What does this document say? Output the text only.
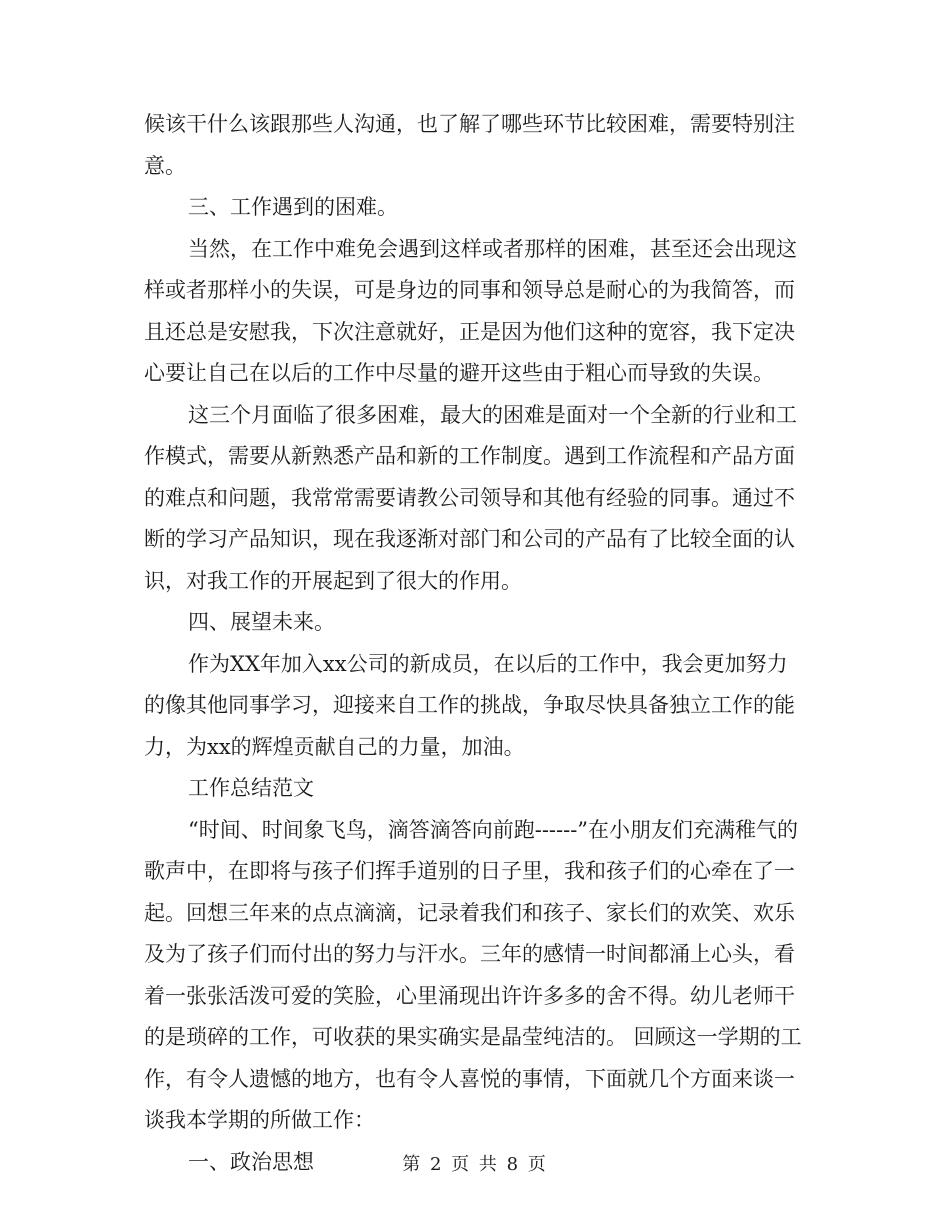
候该干什么该跟那些人沟通，也了解了哪些环节比较困难，需要特别注意。

三、工作遇到的困难。

当然，在工作中难免会遇到这样或者那样的困难，甚至还会出现这样或者那样小的失误，可是身边的同事和领导总是耐心的为我简答，而且还总是安慰我，下次注意就好，正是因为他们这种的宽容，我下定决心要让自己在以后的工作中尽量的避开这些由于粗心而导致的失误。

这三个月面临了很多困难，最大的困难是面对一个全新的行业和工作模式，需要从新熟悉产品和新的工作制度。遇到工作流程和产品方面的难点和问题，我常常需要请教公司领导和其他有经验的同事。通过不断的学习产品知识，现在我逐渐对部门和公司的产品有了比较全面的认识，对我工作的开展起到了很大的作用。

四、展望未来。

作为XX年加入xx公司的新成员，在以后的工作中，我会更加努力的像其他同事学习，迎接来自工作的挑战，争取尽快具备独立工作的能力，为xx的辉煌贡献自己的力量，加油。

工作总结范文

“时间、时间象飞鸟，滴答滴答向前跑------”在小朋友们充满稚气的歌声中，在即将与孩子们挥手道别的日子里，我和孩子们的心牵在了一起。回想三年来的点点滴滴，记录着我们和孩子、家长们的欢笑、欢乐及为了孩子们而付出的努力与汗水。三年的感情一时间都涌上心头，看着一张张活泼可爱的笑脸，心里涌现出许许多多的舍不得。幼儿老师干的是琐碎的工作，可收获的果实确实是晶莹纯洁的。 回顾这一学期的工作，有令人遗憾的地方，也有令人喜悦的事情，下面就几个方面来谈一谈我本学期的所做工作：

一、政治思想	第 2 页 共 8 页
